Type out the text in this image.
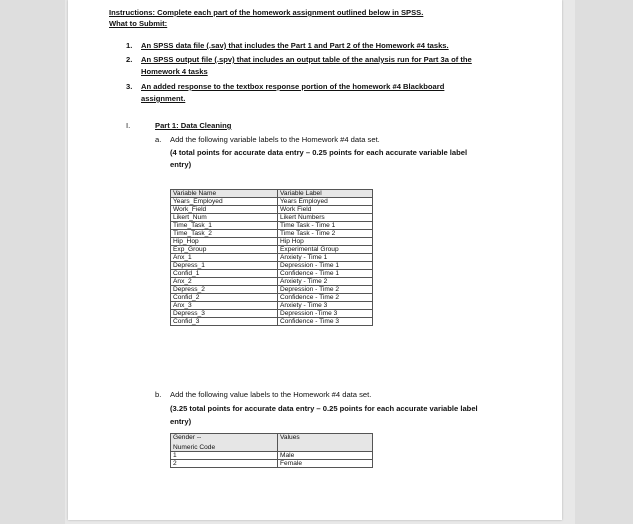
Instructions: Complete each part of the homework assignment outlined below in SPSS.
What to Submit:
1. An SPSS data file (.sav) that includes the Part 1 and Part 2 of the Homework #4 tasks.
2. An SPSS output file (.spv) that includes an output table of the analysis run for Part 3a of the
Homework 4 tasks
3. An added response to the textbox response portion of the homework #4 Blackboard
assignment.
I.	Part 1: Data Cleaning
a. Add the following variable labels to the Homework #4 data set.
(4 total points for accurate data entry – 0.25 points for each accurate variable label
entry)
Variable Name	Variable Label
Years_Employed	Years Employed
Work_Field	Work Field
Likert_Num	Likert Numbers
Time_Task_1	Time Task - Time 1
Time_Task_2	Time Task - Time 2
Hip_Hop	Hip Hop
Exp_Group	Experimental Group
Anx_1	Anxiety - Time 1
Depress_1	Depression - Time 1
Confid_1	Confidence - Time 1
Anx_2	Anxiety - Time 2
Depress_2	Depression - Time 2
Confid_2	Confidence - Time 2
Anx_3	Anxiety - Time 3
Depress_3	Depression -Time 3
Confid_3	Confidence - Time 3
b. Add the following value labels to the Homework #4 data set.
(3.25 total points for accurate data entry – 0.25 points for each accurate variable label
entry)
Gender --
Numeric Code	Values
1	Male
2	Female
